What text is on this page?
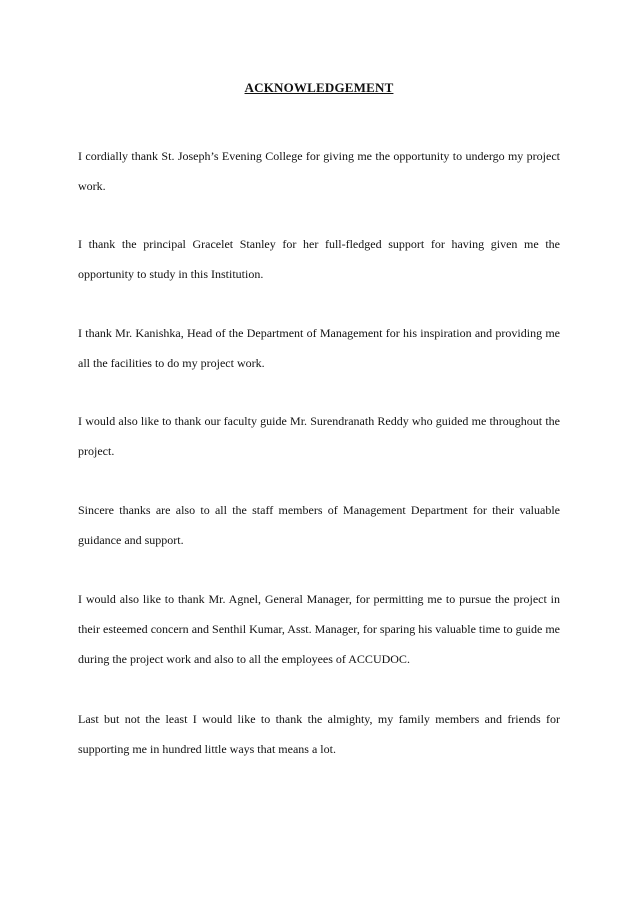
ACKNOWLEDGEMENT

I cordially thank St. Joseph’s Evening College for giving me the opportunity to undergo my project work.

I thank the principal Gracelet Stanley for her full-fledged support for having given me the opportunity to study in this Institution.

I thank Mr. Kanishka, Head of the Department of Management for his inspiration and providing me all the facilities to do my project work.

I would also like to thank our faculty guide Mr. Surendranath Reddy who guided me throughout the project.

Sincere thanks are also to all the staff members of Management Department for their valuable guidance and support.

I would also like to thank Mr. Agnel, General Manager, for permitting me to pursue the project in their esteemed concern and Senthil Kumar, Asst. Manager, for sparing his valuable time to guide me during the project work and also to all the employees of ACCUDOC.

Last but not the least I would like to thank the almighty, my family members and friends for supporting me in hundred little ways that means a lot.
